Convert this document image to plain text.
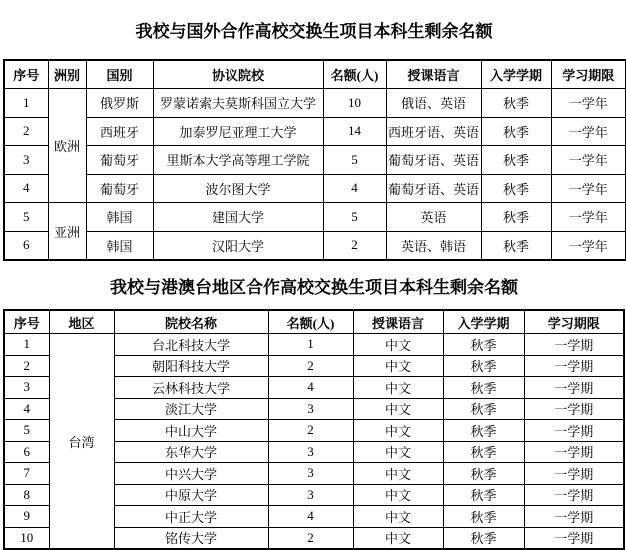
我校与国外合作高校交换生项目本科生剩余名额
序号	洲别	国别	协议院校	名额(人)	授课语言	入学学期	学习期限
1	欧洲	俄罗斯	罗蒙诺索夫莫斯科国立大学	10	俄语、英语	秋季	一学年
2		西班牙	加泰罗尼亚理工大学	14	西班牙语、英语	秋季	一学年
3		葡萄牙	里斯本大学高等理工学院	5	葡萄牙语、英语	秋季	一学年
4		葡萄牙	波尔图大学	4	葡萄牙语、英语	秋季	一学年
5	亚洲	韩国	建国大学	5	英语	秋季	一学年
6		韩国	汉阳大学	2	英语、韩语	秋季	一学年
我校与港澳台地区合作高校交换生项目本科生剩余名额
序号	地区	院校名称	名额(人)	授课语言	入学学期	学习期限
1	台湾	台北科技大学	1	中文	秋季	一学期
2		朝阳科技大学	2	中文	秋季	一学期
3		云林科技大学	4	中文	秋季	一学期
4		淡江大学	3	中文	秋季	一学期
5		中山大学	2	中文	秋季	一学期
6		东华大学	3	中文	秋季	一学期
7		中兴大学	3	中文	秋季	一学期
8		中原大学	3	中文	秋季	一学期
9		中正大学	4	中文	秋季	一学期
10		铭传大学	2	中文	秋季	一学期
